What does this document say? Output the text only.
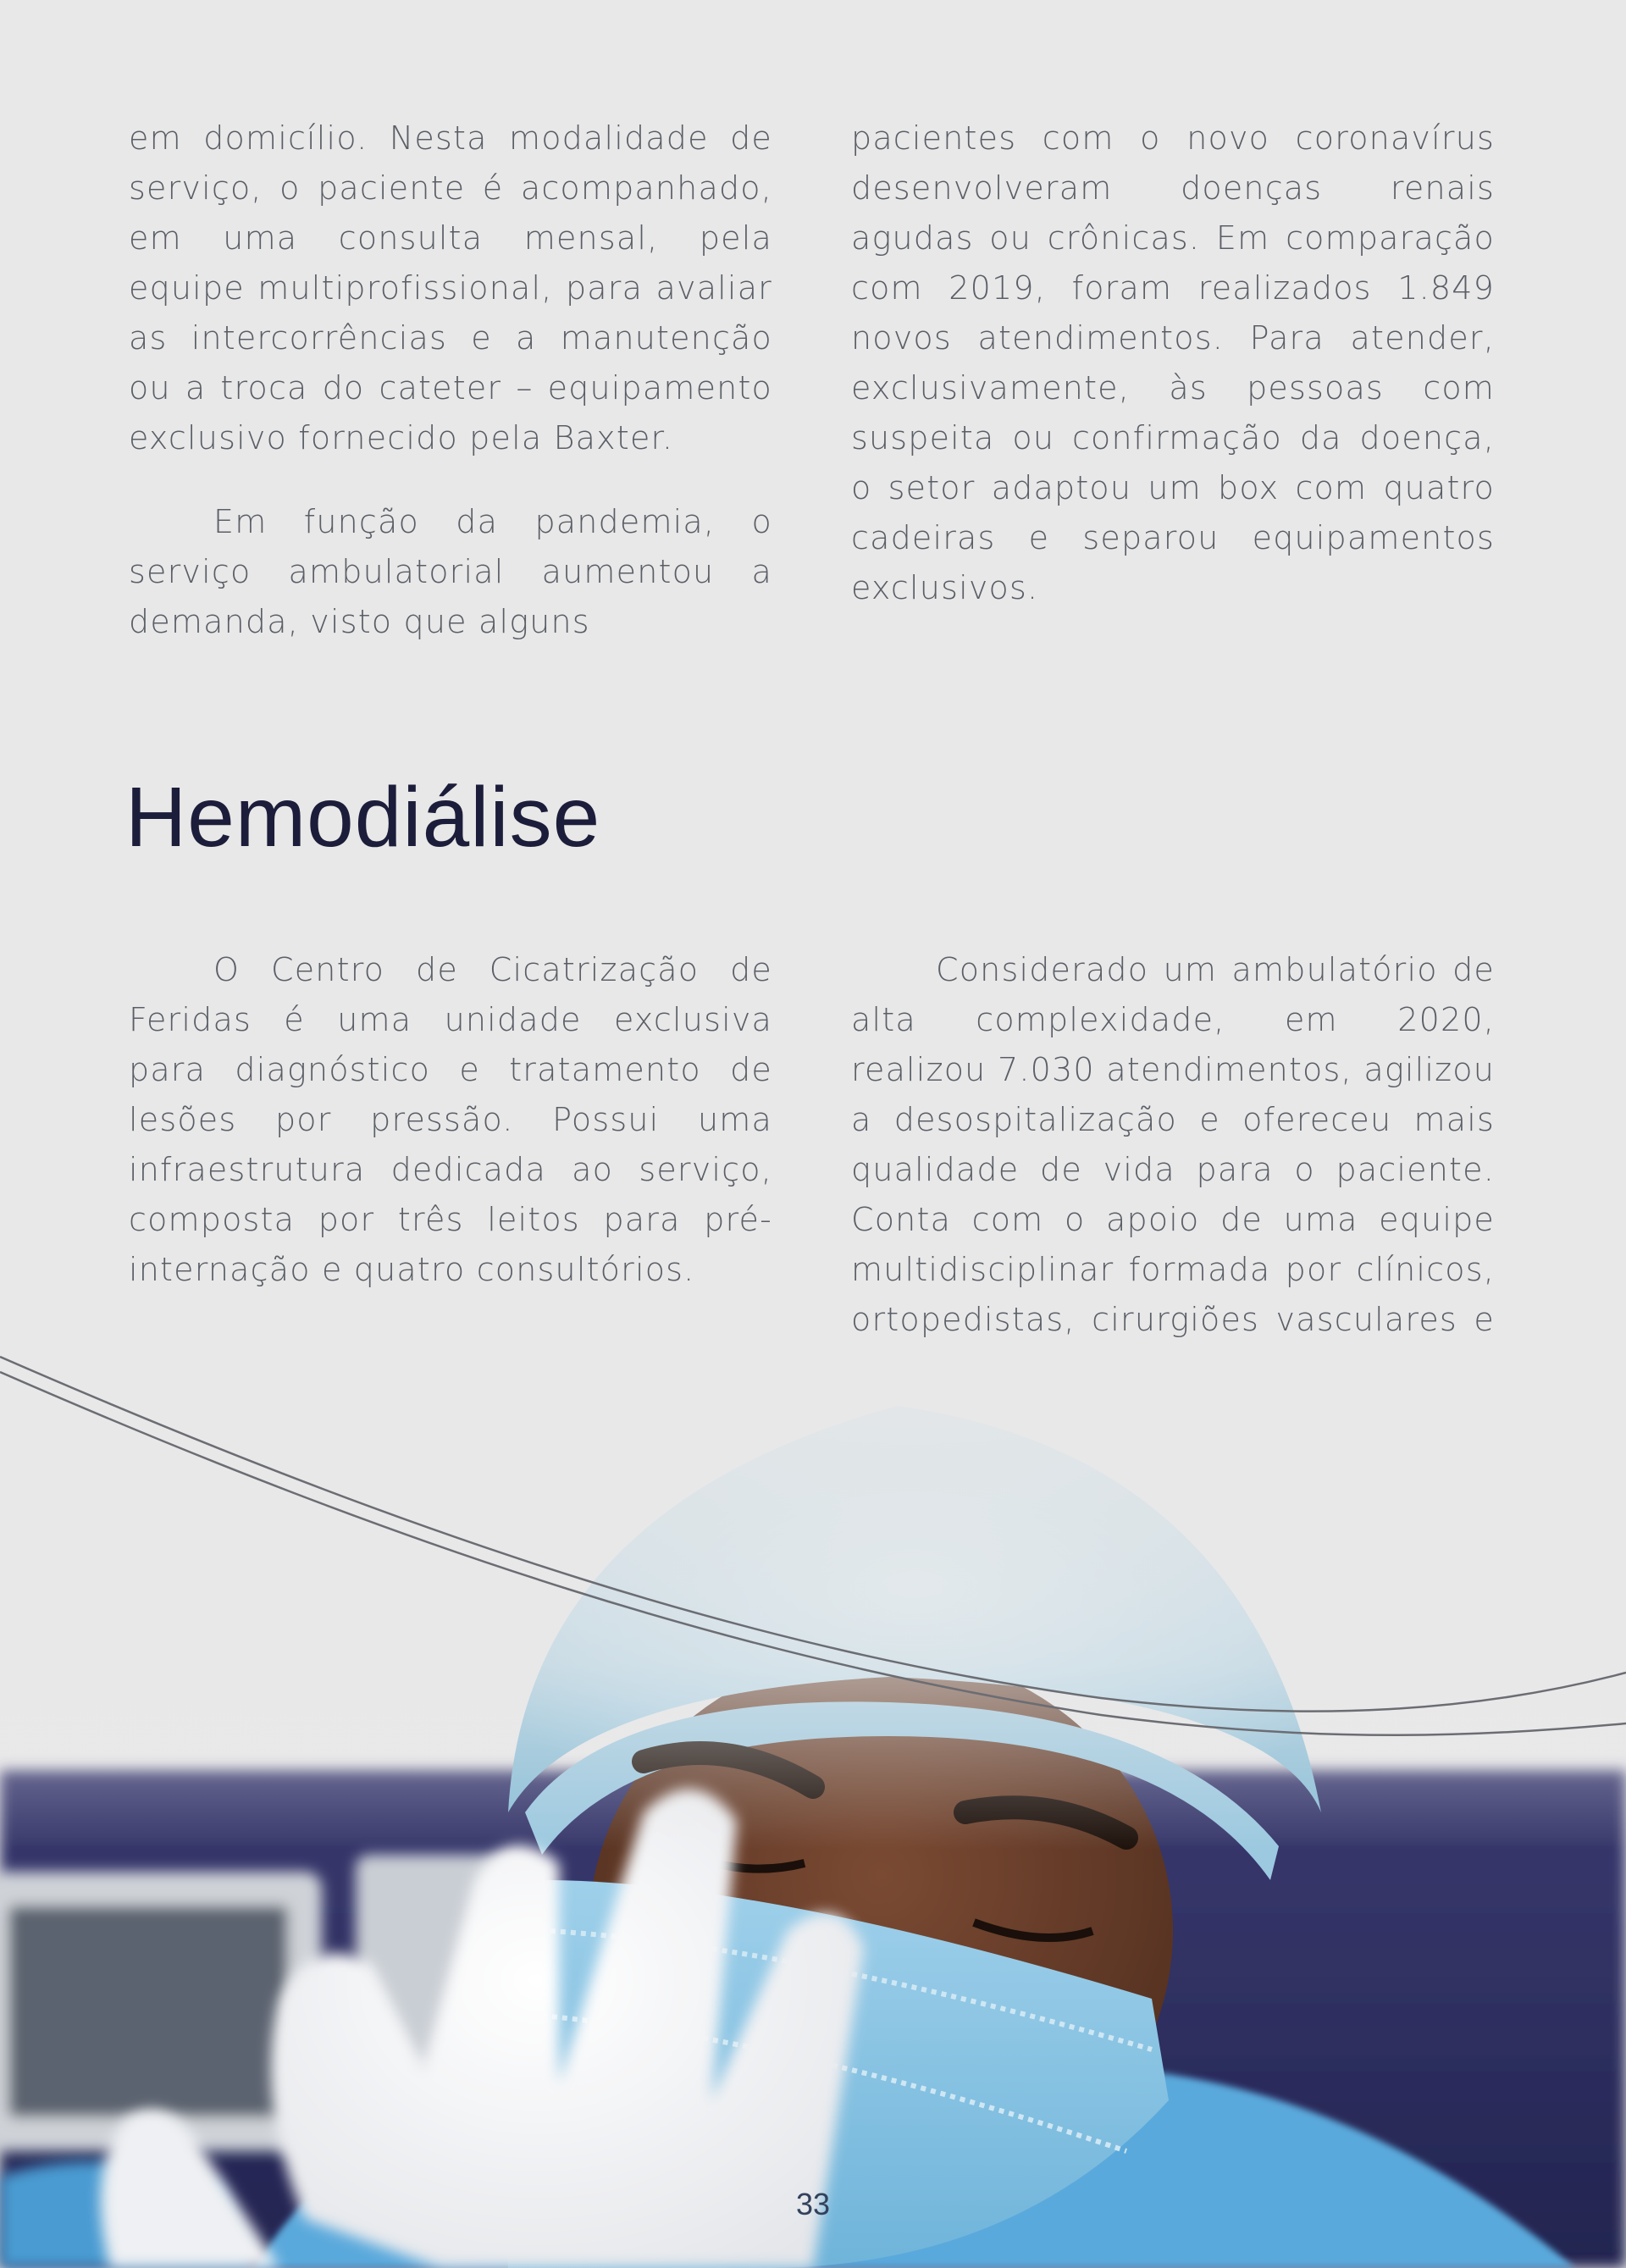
em domicílio. Nesta modalidade de serviço, o paciente é acompanhado, em uma consulta mensal, pela equipe multiprofissional, para avaliar as intercorrências e a manutenção ou a troca do cateter – equipamento exclusivo fornecido pela Baxter.

Em função da pandemia, o serviço ambulatorial aumentou a demanda, visto que alguns

pacientes com o novo coronavírus desenvolveram doenças renais agudas ou crônicas. Em comparação com 2019, foram realizados 1.849 novos atendimentos. Para atender, exclusivamente, às pessoas com suspeita ou confirmação da doença, o setor adaptou um box com quatro cadeiras e separou equipamentos exclusivos.

Hemodiálise

O Centro de Cicatrização de Feridas é uma unidade exclusiva para diagnóstico e tratamento de lesões por pressão. Possui uma infraestrutura dedicada ao serviço, composta por três leitos para pré-internação e quatro consultórios.

Considerado um ambulatório de alta complexidade, em 2020, realizou 7.030 atendimentos, agilizou a desospitalização e ofereceu mais qualidade de vida para o paciente. Conta com o apoio de uma equipe multidisciplinar formada por clínicos, ortopedistas, cirurgiões vasculares e

33
